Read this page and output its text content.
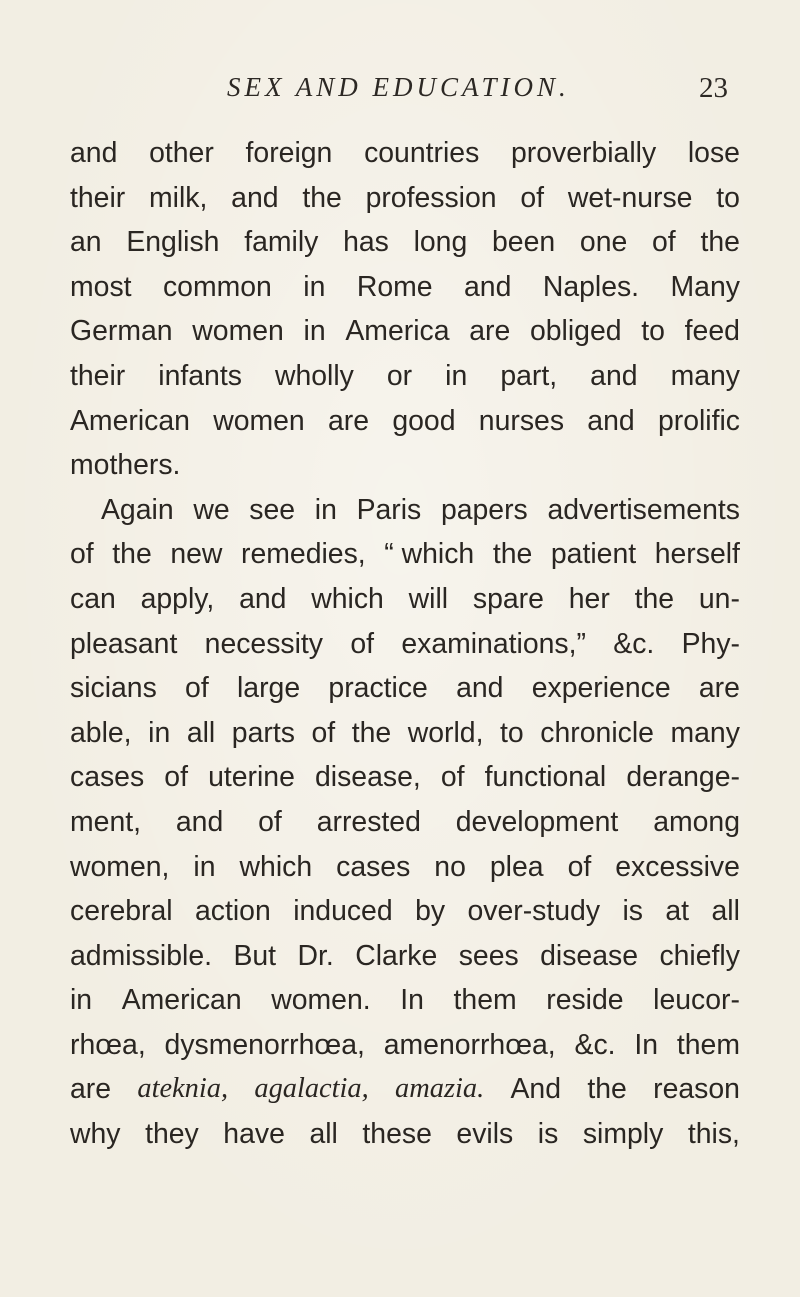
SEX AND EDUCATION.	23
and other foreign countries proverbially lose
their milk, and the profession of wet-nurse to
an English family has long been one of the
most common in Rome and Naples. Many
German women in America are obliged to feed
their infants wholly or in part, and many
American women are good nurses and prolific
mothers.
Again we see in Paris papers advertisements
of the new remedies, “ which the patient herself
can apply, and which will spare her the un-
pleasant necessity of examinations,” &c. Phy-
sicians of large practice and experience are
able, in all parts of the world, to chronicle many
cases of uterine disease, of functional derange-
ment, and of arrested development among
women, in which cases no plea of excessive
cerebral action induced by over-study is at all
admissible. But Dr. Clarke sees disease chiefly
in American women. In them reside leucor-
rhœa, dysmenorrhœa, amenorrhœa, &c. In them
are ateknia, agalactia, amazia. And the reason
why they have all these evils is simply this,
